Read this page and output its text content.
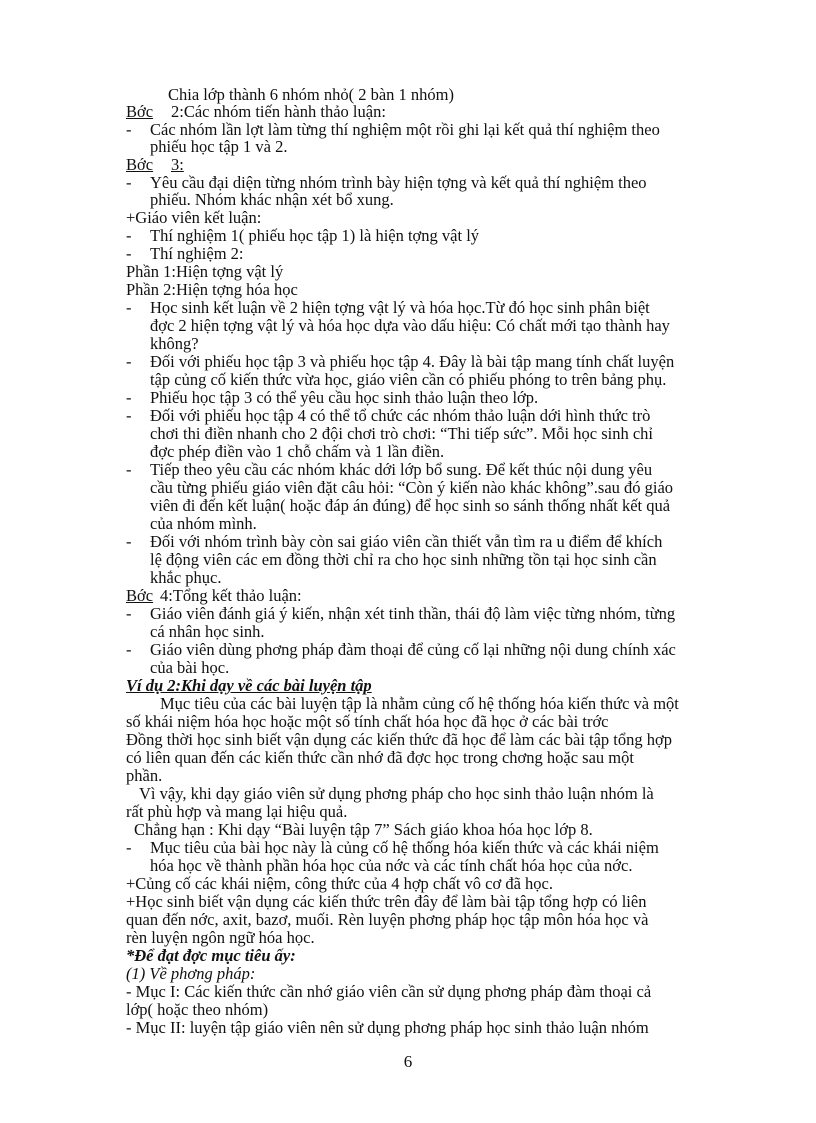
Chia lớp thành 6 nhóm nhỏ( 2 bàn 1 nhóm)
Bớc 2:Các nhóm tiến hành thảo luận:
- Các nhóm lần lợt làm từng thí nghiệm một rồi ghi lại kết quả thí nghiệm theo
phiếu học tập 1 và 2.
Bớc 3:
- Yêu cầu đại diện từng nhóm trình bày hiện tợng và kết quả thí nghiệm theo
phiếu. Nhóm khác nhận xét bổ xung.
+Giáo viên kết luận:
- Thí nghiệm 1( phiếu học tập 1) là hiện tợng vật lý
- Thí nghiệm 2:
Phần 1:Hiện tợng vật lý
Phần 2:Hiện tợng hóa học
- Học sinh kết luận về 2 hiện tợng vật lý và hóa học.Từ đó học sinh phân biệt
đợc 2 hiện tợng vật lý và hóa học dựa vào dấu hiệu: Có chất mới tạo thành hay
không?
- Đối với phiếu học tập 3 và phiếu học tập 4. Đây là bài tập mang tính chất luyện
tập củng cố kiến thức vừa học, giáo viên cần có phiếu phóng to trên bảng phụ.
- Phiếu học tập 3 có thể yêu cầu học sinh thảo luận theo lớp.
- Đối với phiếu học tập 4 có thể tổ chức các nhóm thảo luận dới hình thức trò
chơi thi điền nhanh cho 2 đội chơi trò chơi: “Thi tiếp sức”. Mỗi học sinh chỉ
đợc phép điền vào 1 chỗ chấm và 1 lần điền.
- Tiếp theo yêu cầu các nhóm khác dới lớp bổ sung. Để kết thúc nội dung yêu
cầu từng phiếu giáo viên đặt câu hỏi: “Còn ý kiến nào khác không”.sau đó giáo
viên đi đến kết luận( hoặc đáp án đúng) để học sinh so sánh thống nhất kết quả
của nhóm mình.
- Đối với nhóm trình bày còn sai giáo viên cần thiết vẫn tìm ra u điểm để khích
lệ động viên các em đồng thời chỉ ra cho học sinh những tồn tại học sinh cần
khắc phục.
Bớc 4:Tổng kết thảo luận:
- Giáo viên đánh giá ý kiến, nhận xét tinh thần, thái độ làm việc từng nhóm, từng
cá nhân học sinh.
- Giáo viên dùng phơng pháp đàm thoại để củng cố lại những nội dung chính xác
của bài học.
Ví dụ 2:Khi dạy về các bài luyện tập
Mục tiêu của các bài luyện tập là nhằm củng cố hệ thống hóa kiến thức và một
số khái niệm hóa học hoặc một số tính chất hóa học đã học ở các bài trớc
Đồng thời học sinh biết vận dụng các kiến thức đã học để làm các bài tập tổng hợp
có liên quan đến các kiến thức cần nhớ đã đợc học trong chơng hoặc sau một
phần.
Vì vậy, khi dạy giáo viên sử dụng phơng pháp cho học sinh thảo luận nhóm là
rất phù hợp và mang lại hiệu quả.
Chẳng hạn : Khi dạy “Bài luyện tập 7” Sách giáo khoa hóa học lớp 8.
- Mục tiêu của bài học này là củng cố hệ thống hóa kiến thức và các khái niệm
hóa học về thành phần hóa học của nớc và các tính chất hóa học của nớc.
+Củng cố các khái niệm, công thức của 4 hợp chất vô cơ đã học.
+Học sinh biết vận dụng các kiến thức trên đây để làm bài tập tổng hợp có liên
quan đến nớc, axit, bazơ, muối. Rèn luyện phơng pháp học tập môn hóa học và
rèn luyện ngôn ngữ hóa học.
*Để đạt đợc mục tiêu ấy:
(1) Về phơng pháp:
- Mục I: Các kiến thức cần nhớ giáo viên cần sử dụng phơng pháp đàm thoại cả
lớp( hoặc theo nhóm)
- Mục II: luyện tập giáo viên nên sử dụng phơng pháp học sinh thảo luận nhóm
6
